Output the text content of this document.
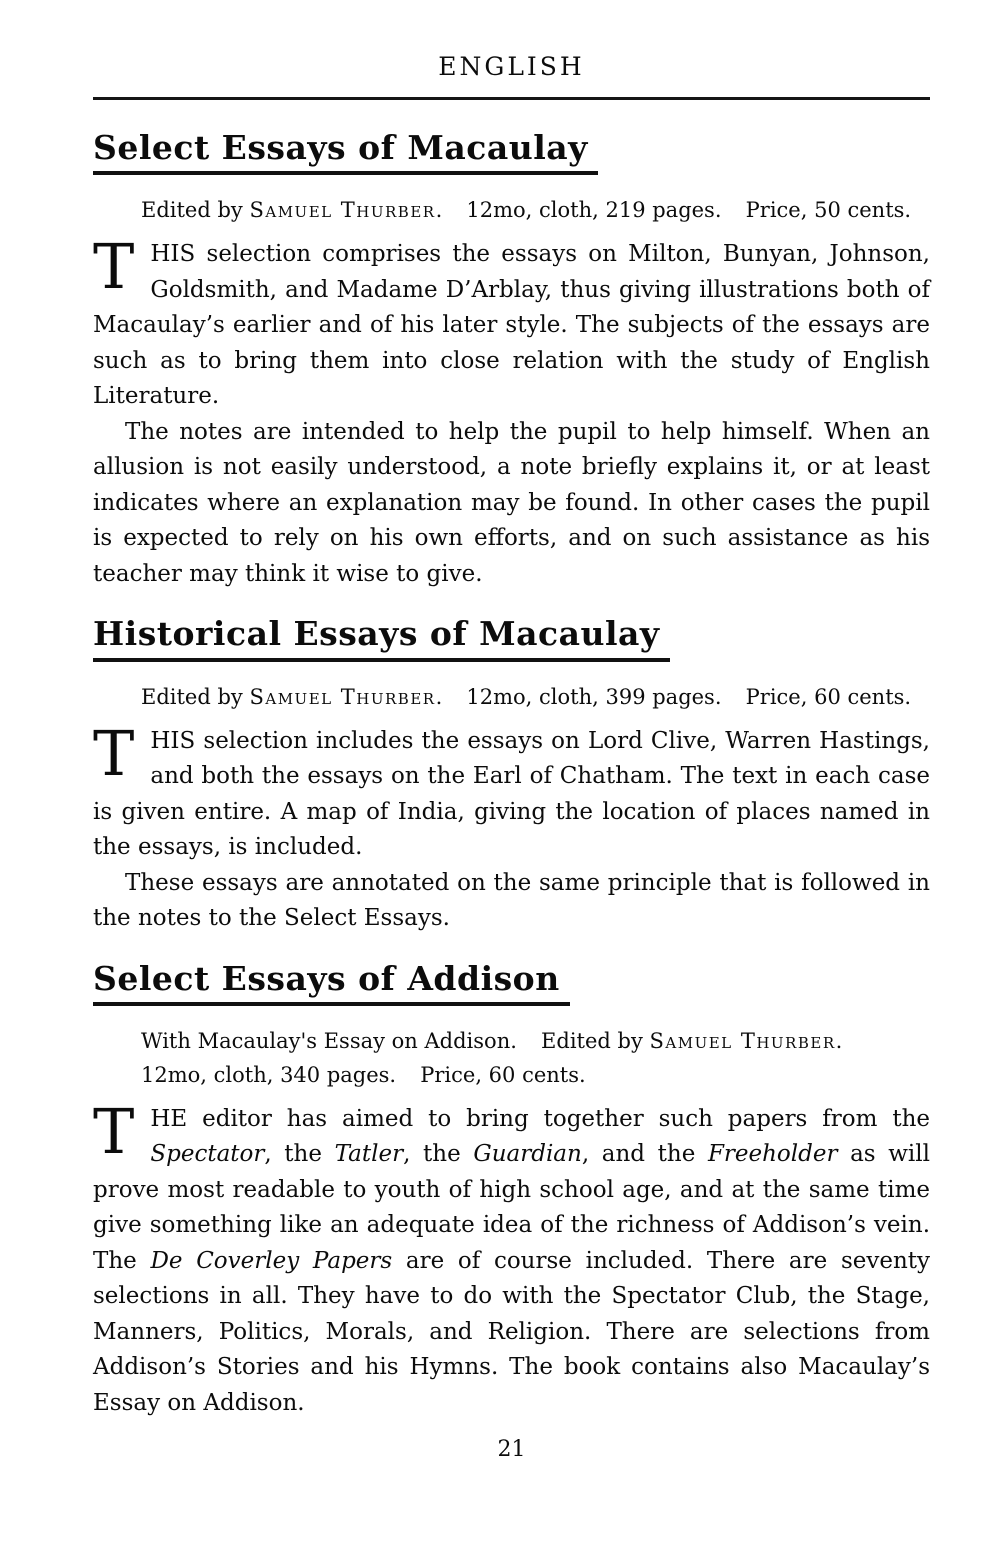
ENGLISH
Select Essays of Macaulay

Edited by Samuel Thurber. 12mo, cloth, 219 pages. Price, 50 cents.

THIS selection comprises the essays on Milton, Bunyan, Johnson, Goldsmith, and Madame D’Arblay, thus giving illustrations both of Macaulay’s earlier and of his later style. The subjects of the essays are such as to bring them into close relation with the study of English Literature.

The notes are intended to help the pupil to help himself. When an allusion is not easily understood, a note briefly explains it, or at least indicates where an explanation may be found. In other cases the pupil is expected to rely on his own efforts, and on such assistance as his teacher may think it wise to give.

Historical Essays of Macaulay

Edited by Samuel Thurber. 12mo, cloth, 399 pages. Price, 60 cents.

THIS selection includes the essays on Lord Clive, Warren Hastings, and both the essays on the Earl of Chatham. The text in each case is given entire. A map of India, giving the location of places named in the essays, is included.

These essays are annotated on the same principle that is followed in the notes to the Select Essays.

Select Essays of Addison

With Macaulay's Essay on Addison. Edited by Samuel Thurber.
12mo, cloth, 340 pages. Price, 60 cents.

THE editor has aimed to bring together such papers from the Spectator, the Tatler, the Guardian, and the Freeholder as will prove most readable to youth of high school age, and at the same time give something like an adequate idea of the richness of Addison’s vein. The De Coverley Papers are of course included. There are seventy selections in all. They have to do with the Spectator Club, the Stage, Manners, Politics, Morals, and Religion. There are selections from Addison’s Stories and his Hymns. The book contains also Macaulay’s Essay on Addison.

21
